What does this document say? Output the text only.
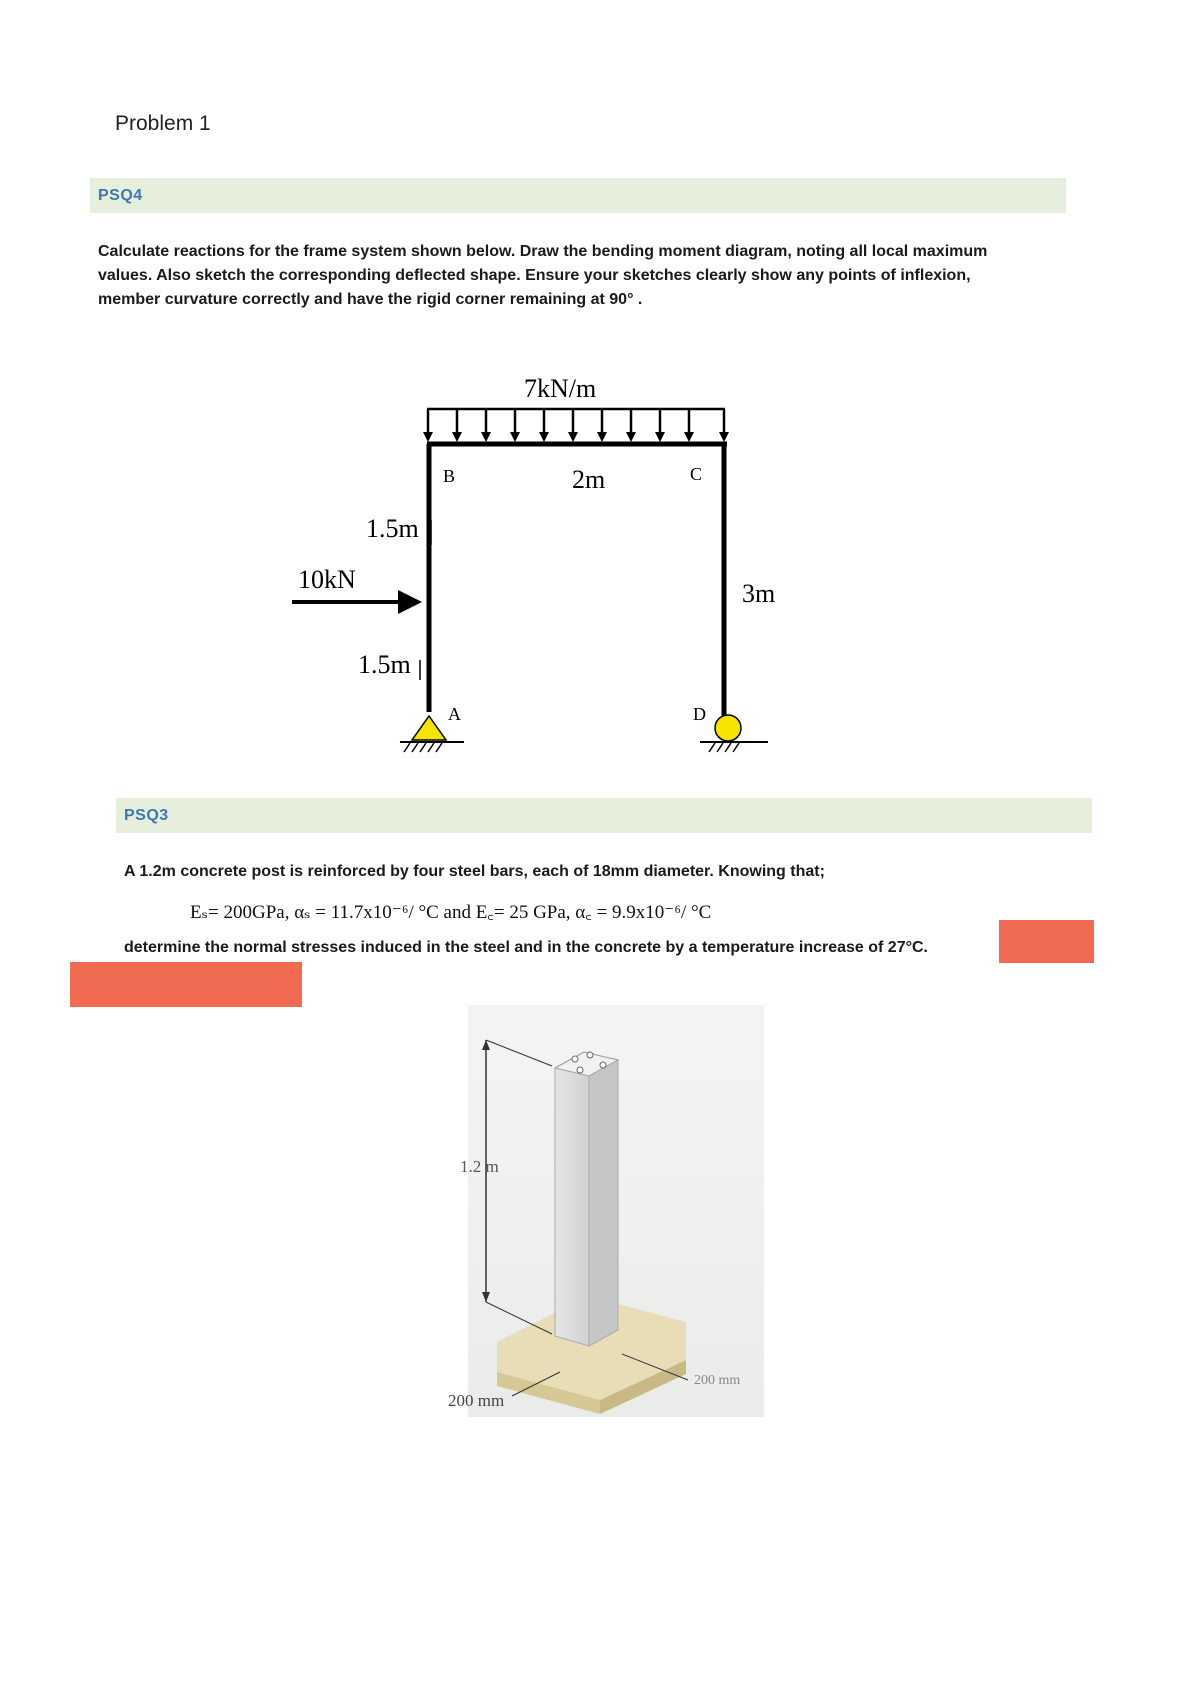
Problem 1
PSQ4
Calculate reactions for the frame system shown below. Draw the bending moment diagram, noting all local maximum
values. Also sketch the corresponding deflected shape. Ensure your sketches clearly show any points of inflexion,
member curvature correctly and have the rigid corner remaining at 90° .
7kN/m
B	2m	C
1.5m
10kN	3m
1.5m
A	D
PSQ3
A 1.2m concrete post is reinforced by four steel bars, each of 18mm diameter. Knowing that;
Eₛ= 200GPa, αₛ = 11.7x10⁻⁶/ °C and E꜀= 25 GPa, α꜀ = 9.9x10⁻⁶/ °C
determine the normal stresses induced in the steel and in the concrete by a temperature increase of 27°C.
1.2 m
200 mm
200 mm
